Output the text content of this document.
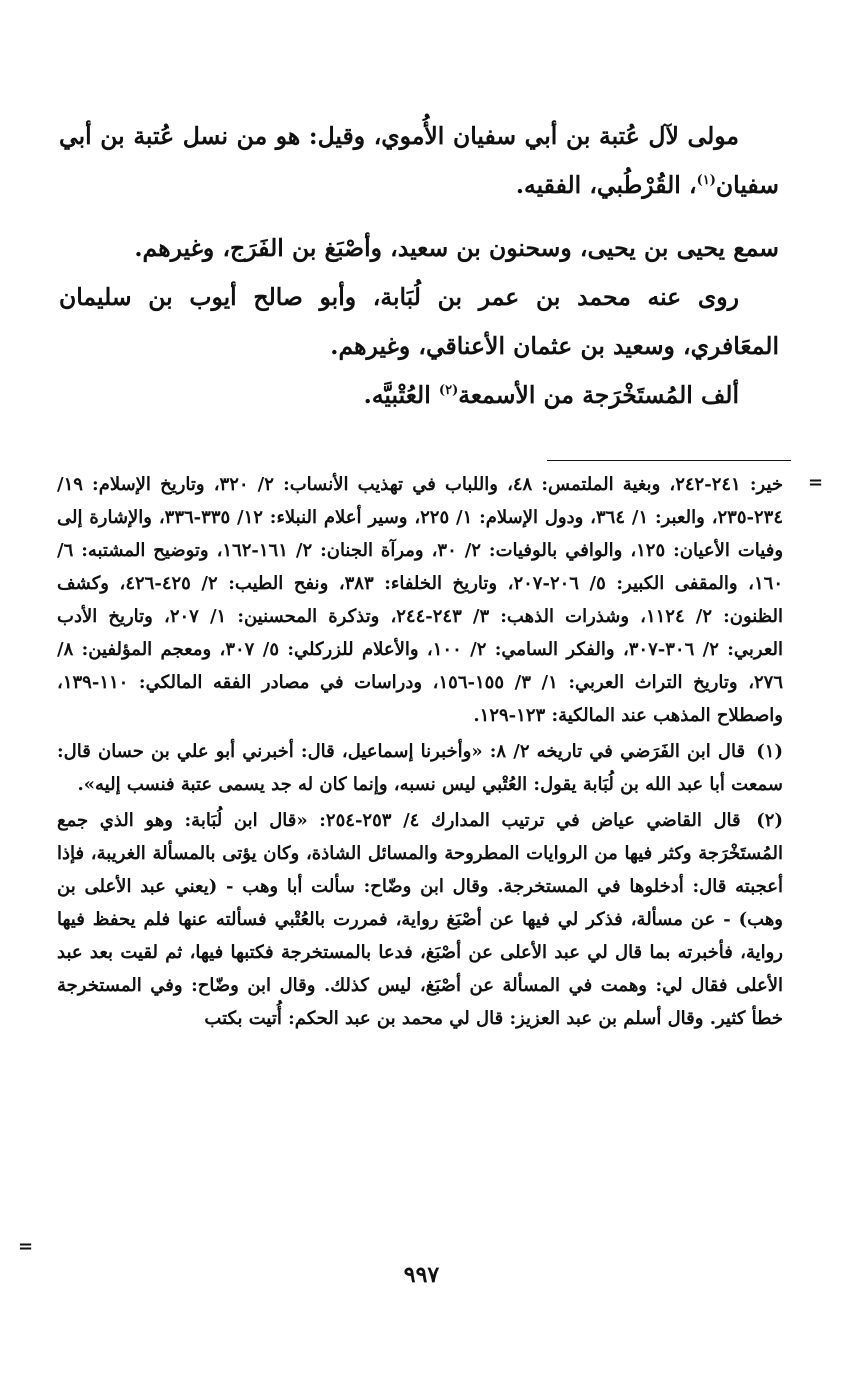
مولى لآل عُتبة بن أبي سفيان الأُموي، وقيل: هو من نسل عُتبة بن أبي سفيان$^{(١)}$، القُرْطُبي، الفقيه.

سمع يحيى بن يحيى، وسحنون بن سعيد، وأصْبَغ بن الفَرَج، وغيرهم.

روى عنه محمد بن عمر بن لُبَابة، وأبو صالح أيوب بن سليمان المعَافري، وسعيد بن عثمان الأعناقي، وغيرهم.

ألف المُستَخْرَجة من الأسمعة$^{(٢)}$ العُتْبيَّه.

=

خير: ٢٤١-٢٤٢، وبغية الملتمس: ٤٨، واللباب في تهذيب الأنساب: ٢/ ٣٢٠، وتاريخ الإسلام: ١٩/ ٢٣٤-٢٣٥، والعبر: ١/ ٣٦٤، ودول الإسلام: ١/ ٢٢٥، وسير أعلام النبلاء: ١٢/ ٣٣٥-٣٣٦، والإشارة إلى وفيات الأعيان: ١٢٥، والوافي بالوفيات: ٢/ ٣٠، ومرآة الجنان: ٢/ ١٦١-١٦٢، وتوضيح المشتبه: ٦/ ١٦٠، والمقفى الكبير: ٥/ ٢٠٦-٢٠٧، وتاريخ الخلفاء: ٣٨٣، ونفح الطيب: ٢/ ٤٢٥-٤٢٦، وكشف الظنون: ٢/ ١١٢٤، وشذرات الذهب: ٣/ ٢٤٣-٢٤٤، وتذكرة المحسنين: ١/ ٢٠٧، وتاريخ الأدب العربي: ٢/ ٣٠٦-٣٠٧، والفكر السامي: ٢/ ١٠٠، والأعلام للزركلي: ٥/ ٣٠٧، ومعجم المؤلفين: ٨/ ٢٧٦، وتاريخ التراث العربي: ١/ ٣/ ١٥٥-١٥٦، ودراسات في مصادر الفقه المالكي: ١١٠-١٣٩، واصطلاح المذهب عند المالكية: ١٢٣-١٢٩.

(١) قال ابن الفَرَضي في تاريخه ٢/ ٨: «وأخبرنا إسماعيل، قال: أخبرني أبو علي بن حسان قال: سمعت أبا عبد الله بن لُبَابة يقول: العُتْبي ليس نسبه، وإنما كان له جد يسمى عتبة فنسب إليه».

(٢) قال القاضي عياض في ترتيب المدارك ٤/ ٢٥٣-٢٥٤: «قال ابن لُبَابة: وهو الذي جمع المُستَخْرَجة وكثر فيها من الروايات المطروحة والمسائل الشاذة، وكان يؤتى بالمسألة الغريبة، فإذا أعجبته قال: أدخلوها في المستخرجة. وقال ابن وضّاح: سألت أبا وهب - (يعني عبد الأعلى بن وهب) - عن مسألة، فذكر لي فيها عن أصْبَغ رواية، فمررت بالعُتْبي فسألته عنها فلم يحفظ فيها رواية، فأخبرته بما قال لي عبد الأعلى عن أصْبَغ، فدعا بالمستخرجة فكتبها فيها، ثم لقيت بعد عبد الأعلى فقال لي: وهمت في المسألة عن أصْبَغ، ليس كذلك. وقال ابن وضّاح: وفي المستخرجة خطأ كثير. وقال أسلم بن عبد العزيز: قال لي محمد بن عبد الحكم: أُتيت بكتب

=
٩٩٧
